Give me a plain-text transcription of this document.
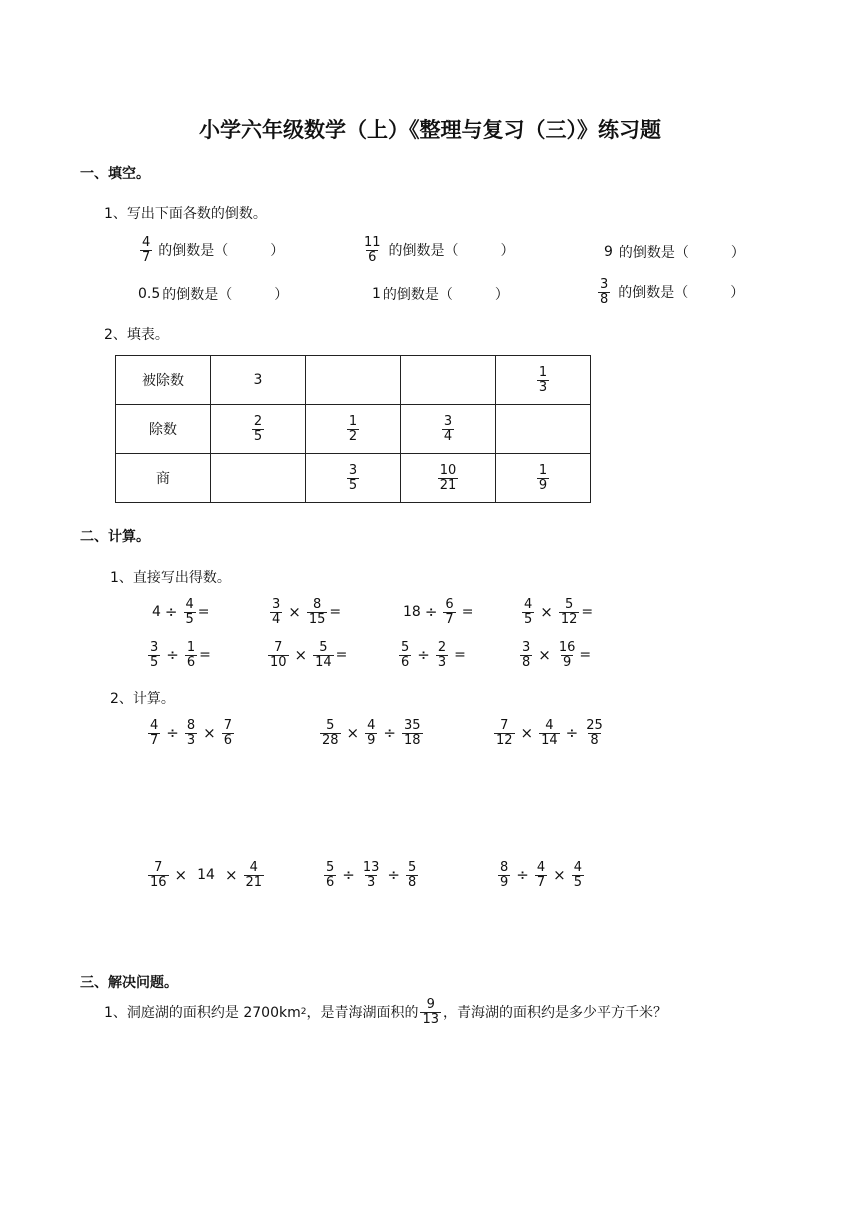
小学六年级数学（上）《整理与复习（三）》练习题
一、填空。
1、写出下面各数的倒数。
$\frac{4}{7}$ 的倒数是（　　　）	$\frac{11}{6}$ 的倒数是（　　　）	9 的倒数是（　　　）
0.5 的倒数是（　　　）	1 的倒数是（　　　）	$\frac{3}{8}$ 的倒数是（　　　）
2、填表。
被除数	3			$\frac{1}{3}$

除数	$\frac{2}{5}$	$\frac{1}{2}$	$\frac{3}{4}$

商		$\frac{3}{5}$	$\frac{10}{21}$	$\frac{1}{9}$
二、计算。
1、直接写出得数。
$4 \div \frac{4}{5}$ =	$\frac{3}{4} \times \frac{8}{15}$ =	$18 \div \frac{6}{7}$ =	$\frac{4}{5} \times \frac{5}{12}$ =
$\frac{3}{5} \div \frac{1}{6}$ =	$\frac{7}{10} \times \frac{5}{14}$ =	$\frac{5}{6} \div \frac{2}{3}$ =	$\frac{3}{8} \times \frac{16}{9}$ =
2、计算。
$\frac{4}{7} \div \frac{8}{3} \times \frac{7}{6}$	$\frac{5}{28} \times \frac{4}{9} \div \frac{35}{18}$	$\frac{7}{12} \times \frac{4}{14} \div \frac{25}{8}$
$\frac{7}{16} \times 14 \times \frac{4}{21}$	$\frac{5}{6} \div \frac{13}{3} \div \frac{5}{8}$	$\frac{8}{9} \div \frac{4}{7} \times \frac{4}{5}$
三、解决问题。
1、洞庭湖的面积约是 2700km 2 ，是青海湖面积的 $\frac{9}{13}$ ，青海湖的面积约是多少平方千米？
